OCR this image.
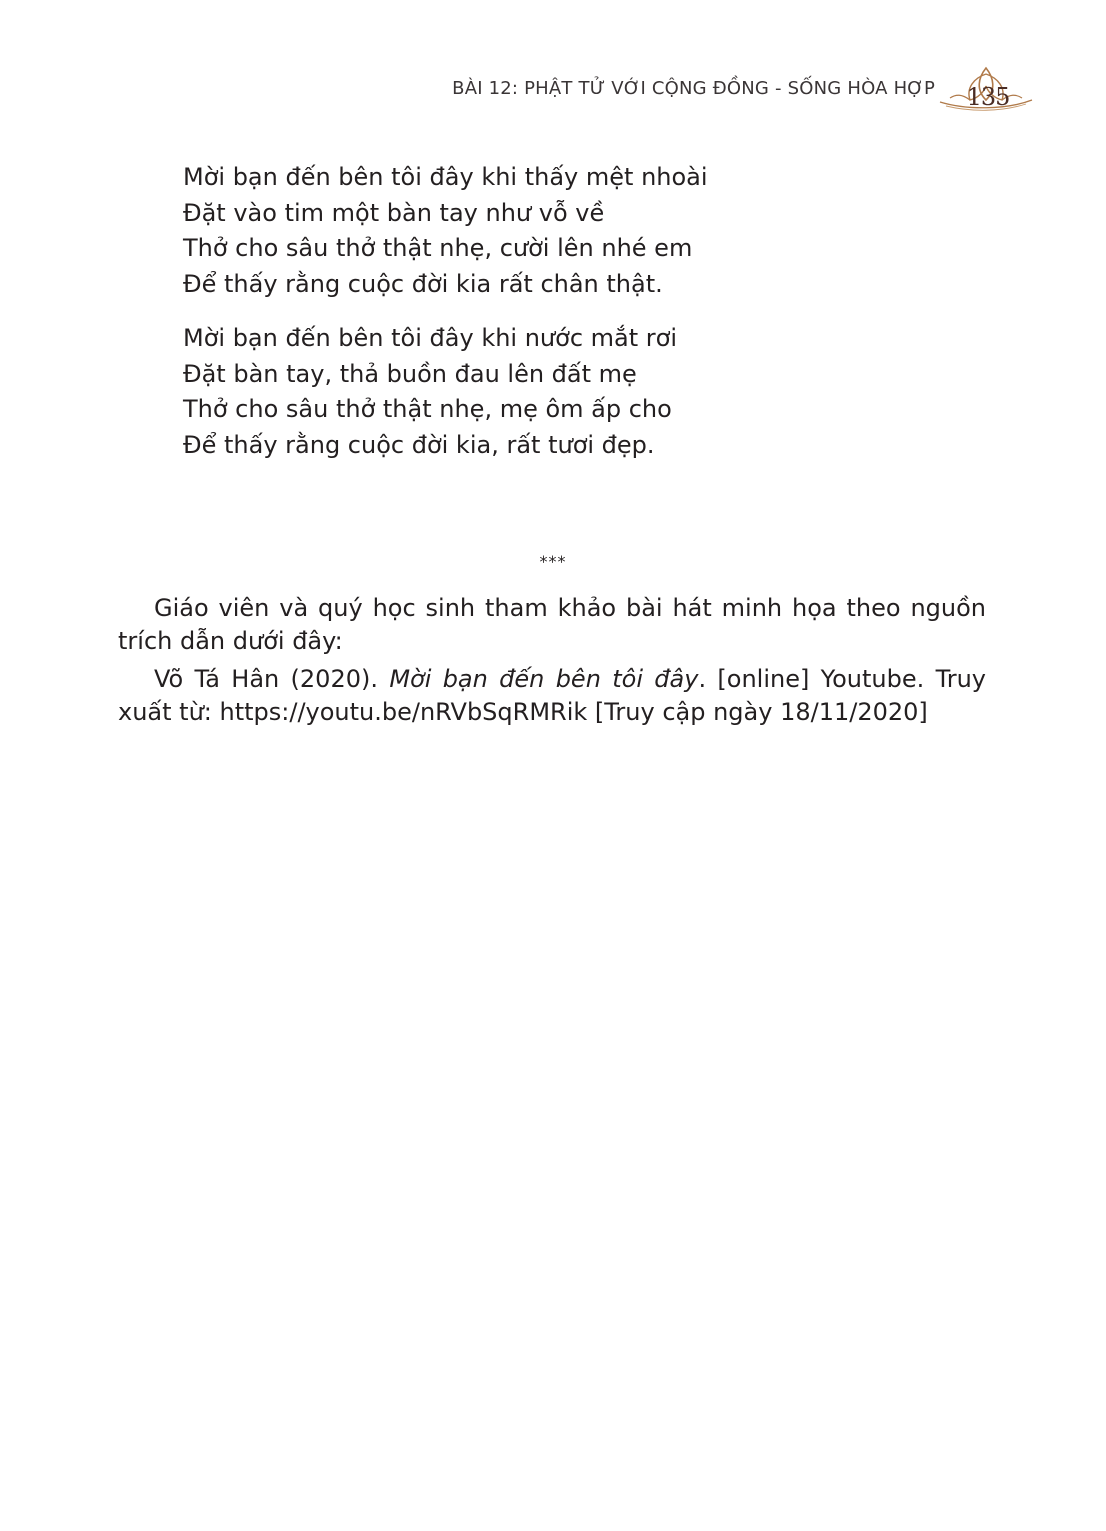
BÀI 12: PHẬT TỬ VỚI CỘNG ĐỒNG - SỐNG HÒA HỢP	135
Mời bạn đến bên tôi đây khi thấy mệt nhoài
Đặt vào tim một bàn tay như vỗ về
Thở cho sâu thở thật nhẹ, cười lên nhé em
Để thấy rằng cuộc đời kia rất chân thật.
Mời bạn đến bên tôi đây khi nước mắt rơi
Đặt bàn tay, thả buồn đau lên đất mẹ
Thở cho sâu thở thật nhẹ, mẹ ôm ấp cho
Để thấy rằng cuộc đời kia, rất tươi đẹp.
***

Giáo viên và quý học sinh tham khảo bài hát minh họa theo nguồn trích dẫn dưới đây:

Võ Tá Hân (2020). Mời bạn đến bên tôi đây. [online] Youtube. Truy xuất từ: https://youtu.be/nRVbSqRMRik [Truy cập ngày 18/11/2020]
